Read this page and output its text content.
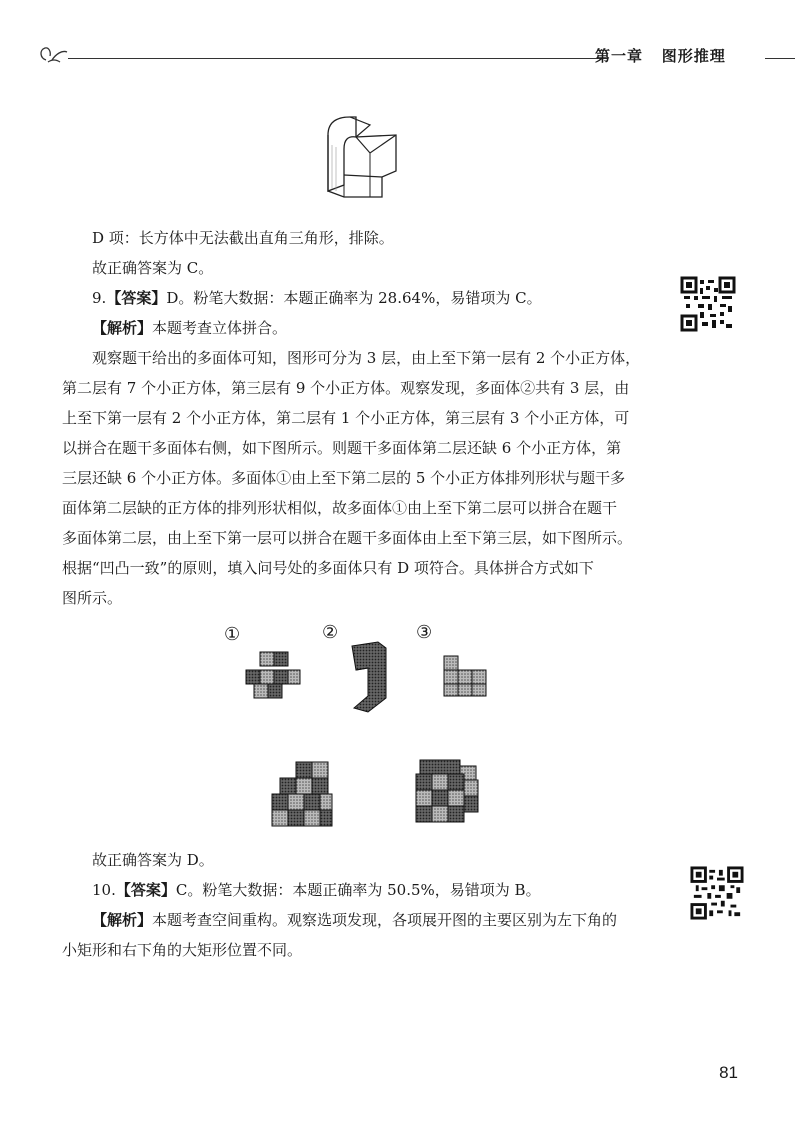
第一章 图形推理

D 项：长方体中无法截出直角三角形，排除。

故正确答案为 C。

9.【答案】D。粉笔大数据：本题正确率为 28.64%，易错项为 C。

【解析】本题考查立体拼合。

观察题干给出的多面体可知，图形可分为 3 层，由上至下第一层有 2 个小正方体，

第二层有 7 个小正方体，第三层有 9 个小正方体。观察发现，多面体②共有 3 层，由

上至下第一层有 2 个小正方体，第二层有 1 个小正方体，第三层有 3 个小正方体，可

以拼合在题干多面体右侧，如下图所示。则题干多面体第二层还缺 6 个小正方体，第

三层还缺 6 个小正方体。多面体①由上至下第二层的 5 个小正方体排列形状与题干多

面体第二层缺的正方体的排列形状相似，故多面体①由上至下第二层可以拼合在题干

多面体第二层，由上至下第一层可以拼合在题干多面体由上至下第三层，如下图所示。

根据“凹凸一致”的原则，填入问号处的多面体只有 D 项符合。具体拼合方式如下

图所示。

①	②	③

故正确答案为 D。

10.【答案】C。粉笔大数据：本题正确率为 50.5%，易错项为 B。

【解析】本题考查空间重构。观察选项发现，各项展开图的主要区别为左下角的

小矩形和右下角的大矩形位置不同。

81
